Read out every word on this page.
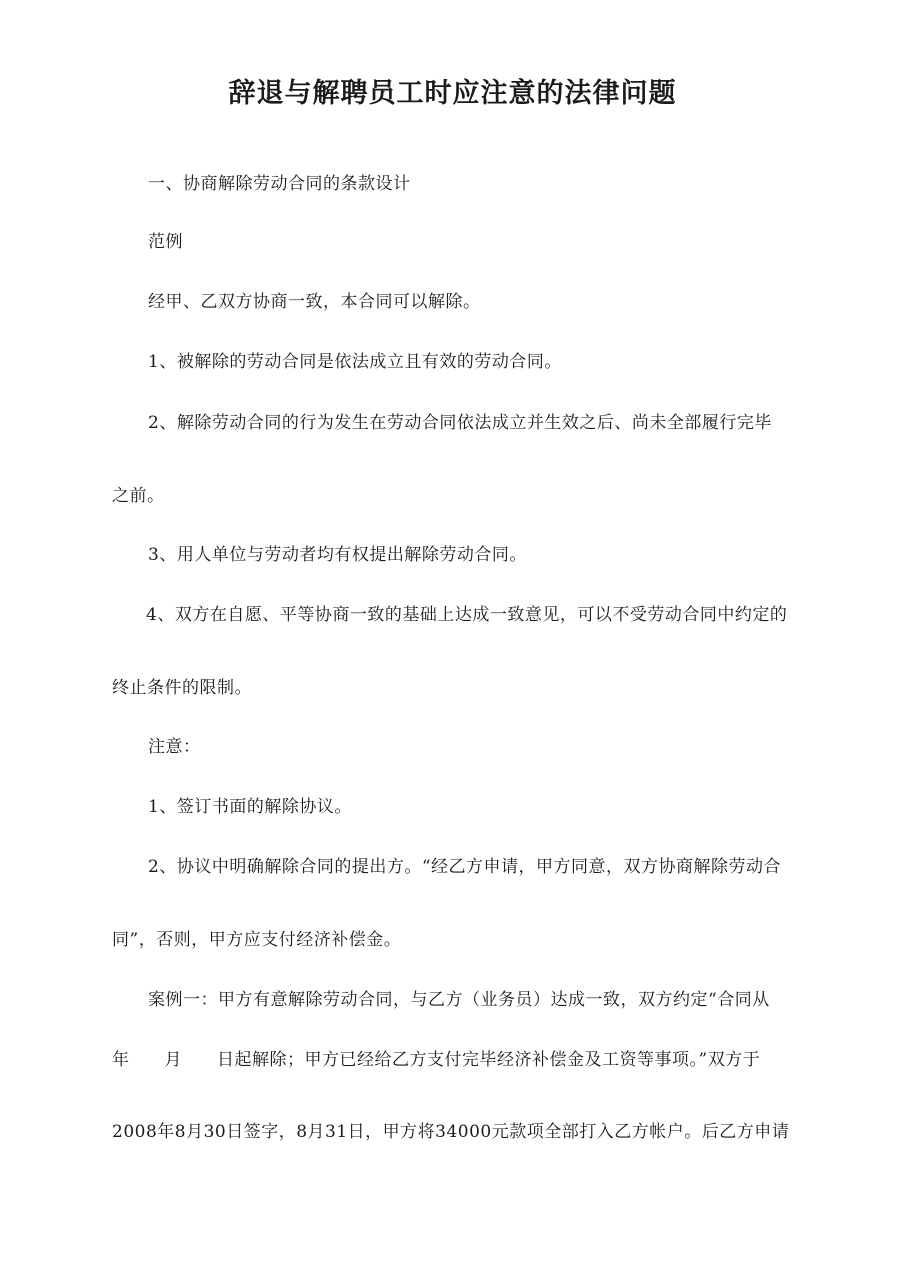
辞退与解聘员工时应注意的法律问题
一、协商解除劳动合同的条款设计
范例
经甲、乙双方协商一致，本合同可以解除。
1、被解除的劳动合同是依法成立且有效的劳动合同。
2、解除劳动合同的行为发生在劳动合同依法成立并生效之后、尚未全部履行完毕
之前。
3、用人单位与劳动者均有权提出解除劳动合同。
4、双方在自愿、平等协商一致的基础上达成一致意见，可以不受劳动合同中约定的
终止条件的限制。
注意：
1、签订书面的解除协议。
2、协议中明确解除合同的提出方。“经乙方申请，甲方同意，双方协商解除劳动合
同”，否则，甲方应支付经济补偿金。
案例一：甲方有意解除劳动合同，与乙方（业务员）达成一致，双方约定“合同从
年　　月　　日起解除；甲方已经给乙方支付完毕经济补偿金及工资等事项。”双方于
2008年8月30日签字，8月31日，甲方将34000元款项全部打入乙方帐户。后乙方申请
